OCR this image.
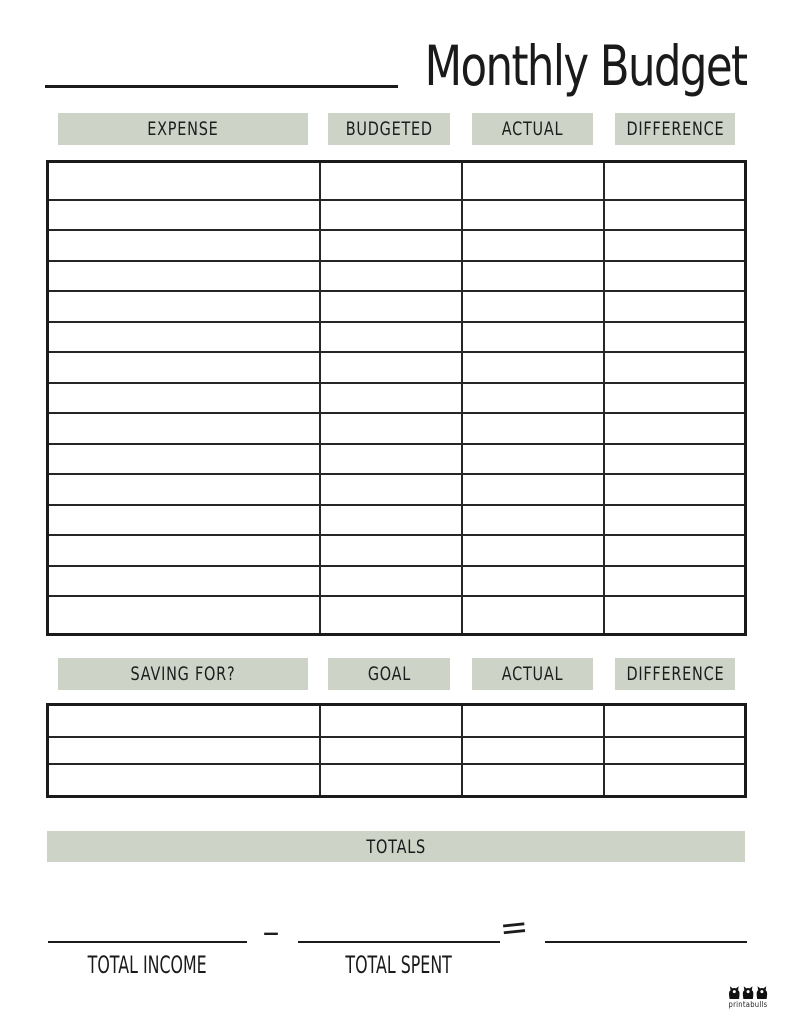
Monthly Budget
EXPENSE	BUDGETED	ACTUAL	DIFFERENCE

SAVING FOR?	GOAL	ACTUAL	DIFFERENCE

TOTALS
–	=
TOTAL INCOME	TOTAL SPENT
printabulls
